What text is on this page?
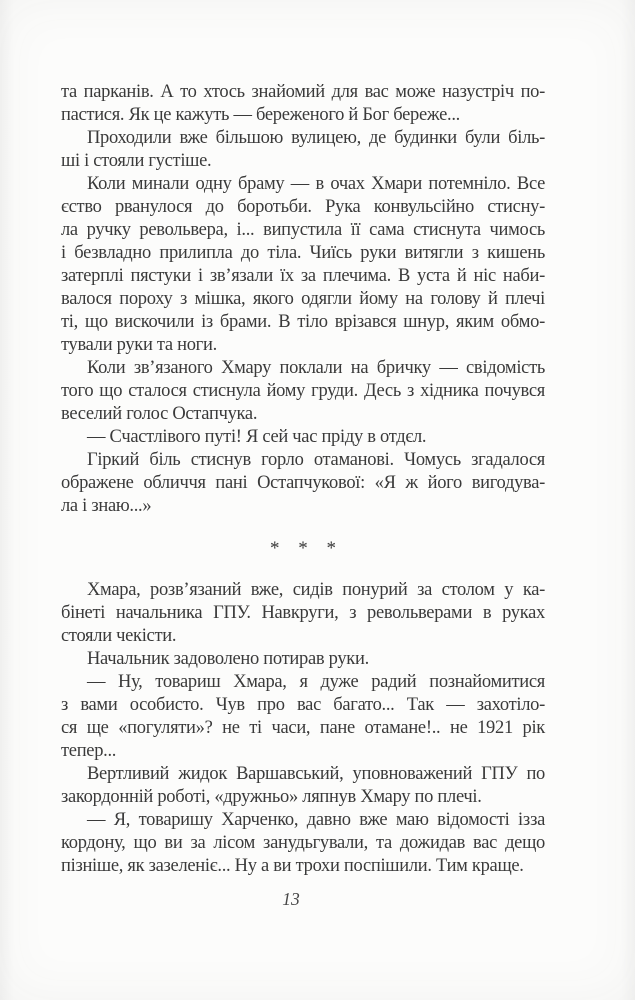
та парканів. А то хтось знайомий для вас може назустріч по-
пастися. Як це кажуть — береженого й Бог береже...
Проходили вже більшою вулицею, де будинки були біль-
ші і стояли густіше.
Коли минали одну браму — в очах Хмари потемніло. Все
єство рванулося до боротьби. Рука конвульсійно стисну-
ла ручку револьвера, і... випустила її сама стиснута чимось
і безвладно прилипла до тіла. Чиїсь руки витягли з кишень
затерплі пястуки і зв’язали їх за плечима. В уста й ніс наби-
валося пороху з мішка, якого одягли йому на голову й плечі
ті, що вискочили із брами. В тіло врізався шнур, яким обмо-
тували руки та ноги.
Коли зв’язаного Хмару поклали на бричку — свідомість
того що сталося стиснула йому груди. Десь з хідника почувся
веселий голос Остапчука.
— Счастлівого путі! Я сей час пріду в отдєл.
Гіркий біль стиснув горло отаманові. Чомусь згадалося
ображене обличчя пані Остапчукової: «Я ж його вигодува-
ла і знаю...»
* * *
Хмара, розв’язаний вже, сидів понурий за столом у ка-
бінеті начальника ГПУ. Навкруги, з револьверами в руках
стояли чекісти.
Начальник задоволено потирав руки.
— Ну, товариш Хмара, я дуже радий познайомитися
з вами особисто. Чув про вас багато... Так — захотіло-
ся ще «погуляти»? не ті часи, пане отамане!.. не 1921 рік
тепер...
Вертливий жидок Варшавський, уповноважений ГПУ по
закордонній роботі, «дружньо» ляпнув Хмару по плечі.
— Я, товаришу Харченко, давно вже маю відомості ізза
кордону, що ви за лісом занудьгували, та дожидав вас дещо
пізніше, як зазеленіє... Ну а ви трохи поспішили. Тим краще.
13
